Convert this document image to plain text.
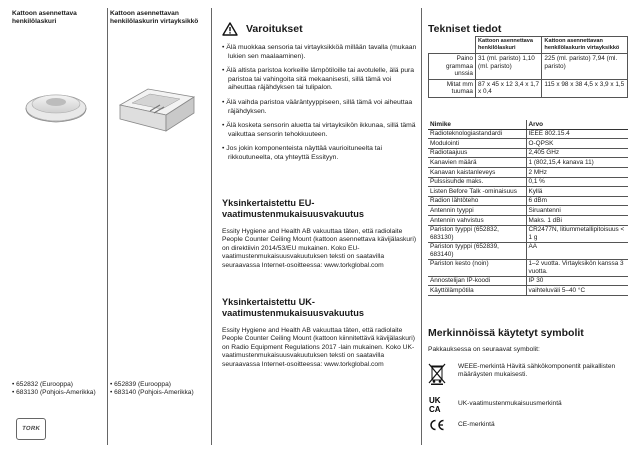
Kattoon asennettava henkilölaskuri
• 652832 (Eurooppa)
• 683130 (Pohjois-Amerikka)
TORK
Kattoon asennettavan henkilölaskurin virtayksikkö
• 652839 (Eurooppa)
• 683140 (Pohjois-Amerikka)
Varoitukset
• Älä muokkaa sensoria tai virtayksikköä millään tavalla (mukaan lukien sen maalaaminen).
• Älä altista paristoa korkeille lämpötiloille tai avotulelle, älä pura paristoa tai vahingoita sitä mekaanisesti, sillä tämä voi aiheuttaa räjähdyksen tai tulipalon.
• Älä vaihda paristoa vääräntyyppiseen, sillä tämä voi aiheuttaa räjähdyksen.
• Älä kosketa sensorin aluetta tai virtayksikön ikkunaa, sillä tämä vaikuttaa sensorin tehokkuuteen.
• Jos jokin komponenteista näyttää vaurioituneelta tai rikkoutuneelta, ota yhteyttä Essityyn.
Yksinkertaistettu EU-vaatimustenmukaisuusvakuutus

Essity Hygiene and Health AB vakuuttaa täten, että radiolaite People Counter Ceiling Mount (kattoon asennettava kävijälaskuri) on direktiivin 2014/53/EU mukainen. Koko EU-vaatimustenmukaisuusvakuutuksen teksti on saatavilla seuraavassa Internet-osoitteessa: www.torkglobal.com

Yksinkertaistettu UK-vaatimustenmukaisuusvakuutus

Essity Hygiene and Health AB vakuuttaa täten, että radiolaite People Counter Ceiling Mount (kattoon kiinnitettävä kävijälaskuri) on Radio Equipment Regulations 2017 -lain mukainen. Koko UK-vaatimustenmukaisuusvakuutuksen teksti on saatavilla seuraavassa Internet-osoitteessa: www.torkglobal.com

Tekniset tiedot
	Kattoon asennettava henkilölaskuri	Kattoon asennettavan henkilölaskurin virtayksikkö
Paino grammaa unssia	31 (ml. paristo) 1,10 (ml. paristo)	225 (ml. paristo) 7,94 (ml. paristo)
Mitat mm tuumaa	87 x 45 x 12 3,4 x 1,7 x 0,4	115 x 98 x 38 4,5 x 3,9 x 1,5
Nimike	Arvo
Radioteknologiastandardi	IEEE 802.15.4
Modulointi	O-QPSK
Radiotaajuus	2,405 GHz
Kanavien määrä	1 (802,15,4 kanava 11)
Kanavan kaistanleveys	2 MHz
Pulssisuhde maks.	0,1 %
Listen Before Talk -ominaisuus	Kyllä
Radion lähtöteho	6 dBm
Antennin tyyppi	Siruantenni
Antennin vahvistus	Maks. 1 dBi
Pariston tyyppi (652832, 683130)	CR2477N, litiummetallipitoisuus < 1 g
Pariston tyyppi (652839, 683140)	AA
Pariston kesto (noin)	1–2 vuotta. Virtayksikön kanssa 3 vuotta.
Annostelijan IP-koodi	IP 30
Käyttölämpötila	vaihteluväli 5–40 °C
Merkinnöissä käytetyt symbolit

Pakkauksessa on seuraavat symbolit:

WEEE-merkintä Hävitä sähkökomponentit paikallisten määräysten mukaisesti.

UK
CA

UK-vaatimustenmukaisuusmerkintä

CE-merkintä
